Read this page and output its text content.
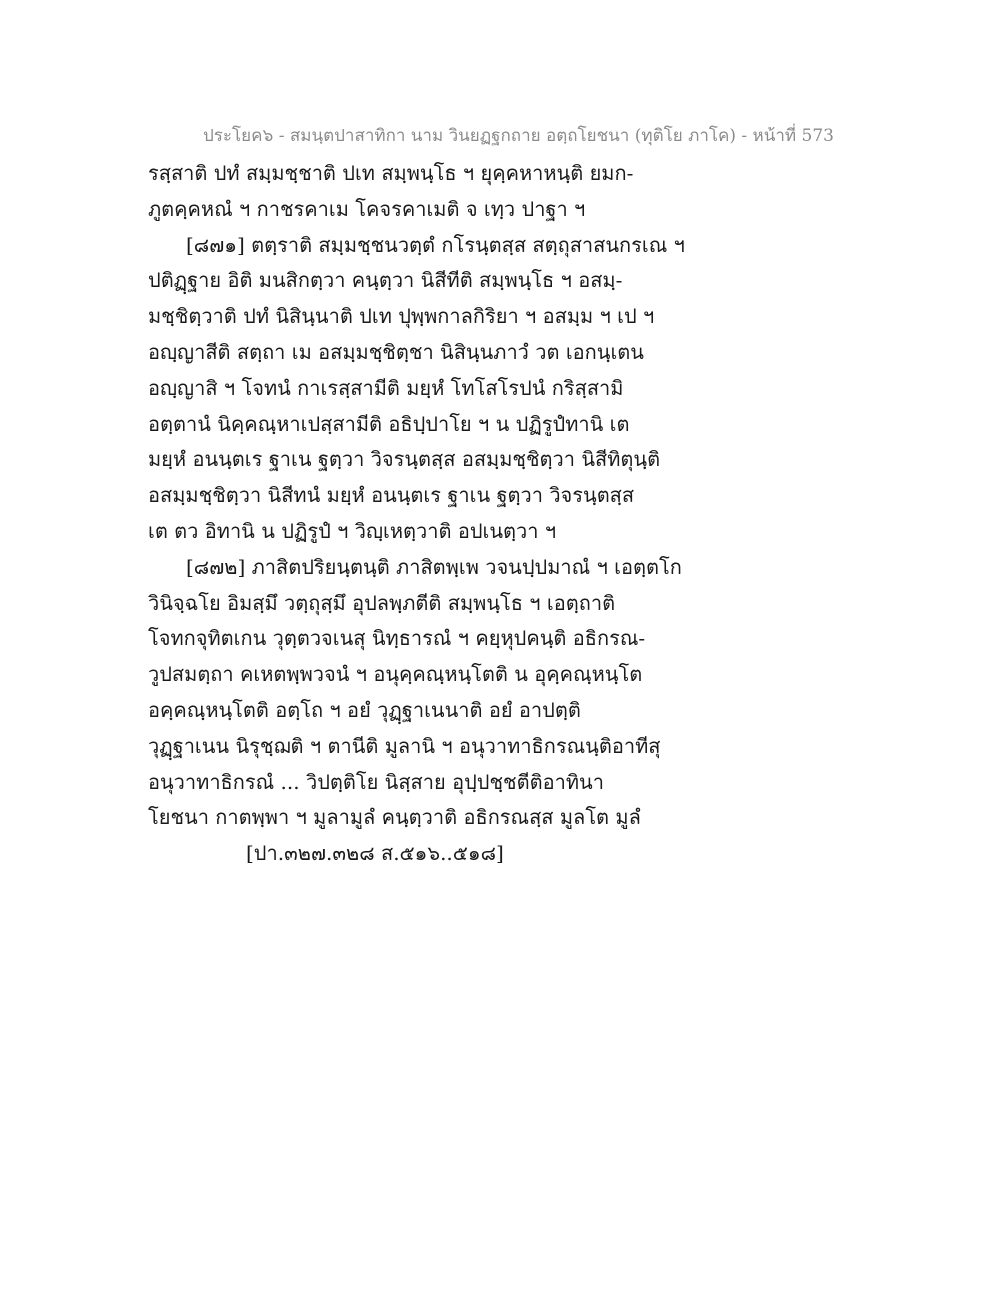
ประโยค๖ - สมนฺตปาสาทิกา นาม วินยฏฐกถาย อตฺถโยชนา (ทุติโย ภาโค) - หน้าที่ 573
รสฺสาติ ปทํ สมฺมชฺชาติ ปเท สมฺพนฺโธ ฯ ยุคฺคหาหนฺติ ยมก-
ภูตคฺคหณํ ฯ กาชรคาเม โคจรคาเมติ จ เทฺว ปาฐา ฯ
[๘๗๑] ตตฺราติ สมฺมชฺชนวตฺตํ กโรนฺตสฺส สตฺถุสาสนกรเณ ฯ
ปติฏฺฐาย อิติ มนสิกตฺวา คนฺตฺวา นิสีทีติ สมฺพนฺโธ ฯ อสมฺ-
มชฺชิตฺวาติ ปทํ นิสินฺนาติ ปเท ปุพฺพกาลกิริยา ฯ อสมฺม ฯ เป ฯ
อญฺญาสีติ สตฺถา เม อสมฺมชฺชิตฺชา นิสินฺนภาวํ วต เอกนฺเตน
อญฺญาสิ ฯ โจทนํ กาเรสฺสามีติ มยฺหํ โทโสโรปนํ กริสฺสามิ
อตฺตานํ นิคฺคณฺหาเปสฺสามีติ อธิปฺปาโย ฯ น ปฏิรูปํทานิ เต
มยฺหํ อนนฺตเร ฐาเน ฐตฺวา วิจรนฺตสฺส อสมฺมชฺชิตฺวา นิสีทิตุนฺติ
อสมฺมชฺชิตฺวา นิสีทนํ มยฺหํ อนนฺตเร ฐาเน ฐตฺวา วิจรนฺตสฺส
เต ตว อิทานิ น ปฏิรูปํ ฯ วิญฺเหตฺวาติ อปเนตฺวา ฯ
[๘๗๒] ภาสิตปริยนฺตนฺติ ภาสิตพฺเพ วจนปฺปมาณํ ฯ เอตฺตโก
วินิจฺฉโย อิมสฺมึ วตฺถุสฺมึ อุปลพฺภตีติ สมฺพนฺโธ ฯ เอตฺถาติ
โจทกจุทิตเกน วุตฺตวจเนสุ นิทฺธารณํ ฯ คยฺหุปคนฺติ อธิกรณ-
วูปสมตฺถา คเหตพฺพวจนํ ฯ อนุคฺคณฺหนฺโตติ น อุคฺคณฺหนฺโต
อคฺคณฺหนฺโตติ อตฺโถ ฯ อยํ วุฏฺฐาเนนาติ อยํ อาปตฺติ
วุฏฺฐาเนน นิรุชฺฌติ ฯ ตานีติ มูลานิ ฯ อนุวาทาธิกรณนฺติอาทีสุ
อนุวาทาธิกรณํ ... วิปตฺติโย นิสฺสาย อุปฺปชฺชตีติอาทินา
โยชนา กาตพฺพา ฯ มูลามูลํ คนฺตฺวาติ อธิกรณสฺส มูลโต มูลํ
[ปา.๓๒๗.๓๒๘ ส.๕๑๖..๕๑๘]
